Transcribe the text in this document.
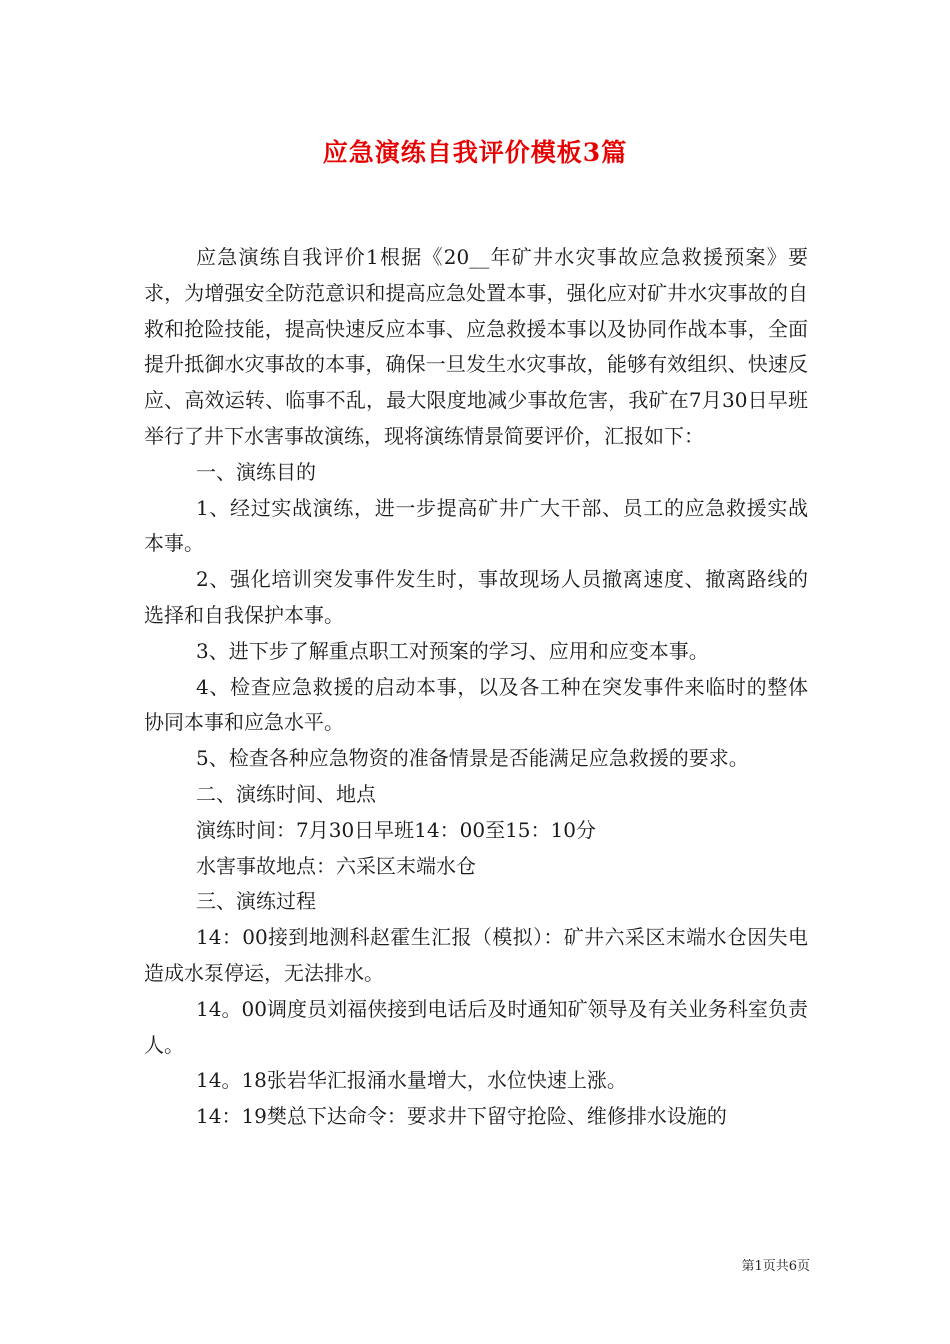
应急演练自我评价模板3篇

应急演练自我评价1根据《20__年矿井水灾事故应急救援预案》要求，为增强安全防范意识和提高应急处置本事，强化应对矿井水灾事故的自救和抢险技能，提高快速反应本事、应急救援本事以及协同作战本事，全面提升抵御水灾事故的本事，确保一旦发生水灾事故，能够有效组织、快速反应、高效运转、临事不乱，最大限度地减少事故危害，我矿在7月30日早班举行了井下水害事故演练，现将演练情景简要评价，汇报如下：

一、演练目的

1、经过实战演练，进一步提高矿井广大干部、员工的应急救援实战本事。

2、强化培训突发事件发生时，事故现场人员撤离速度、撤离路线的选择和自我保护本事。

3、进下步了解重点职工对预案的学习、应用和应变本事。

4、检查应急救援的启动本事，以及各工种在突发事件来临时的整体协同本事和应急水平。

5、检查各种应急物资的准备情景是否能满足应急救援的要求。

二、演练时间、地点

演练时间：7月30日早班14：00至15：10分

水害事故地点：六采区末端水仓

三、演练过程

14：00接到地测科赵霍生汇报（模拟）：矿井六采区末端水仓因失电造成水泵停运，无法排水。

14。00调度员刘福侠接到电话后及时通知矿领导及有关业务科室负责人。

14。18张岩华汇报涌水量增大，水位快速上涨。

14：19樊总下达命令：要求井下留守抢险、维修排水设施的

第1页共6页
